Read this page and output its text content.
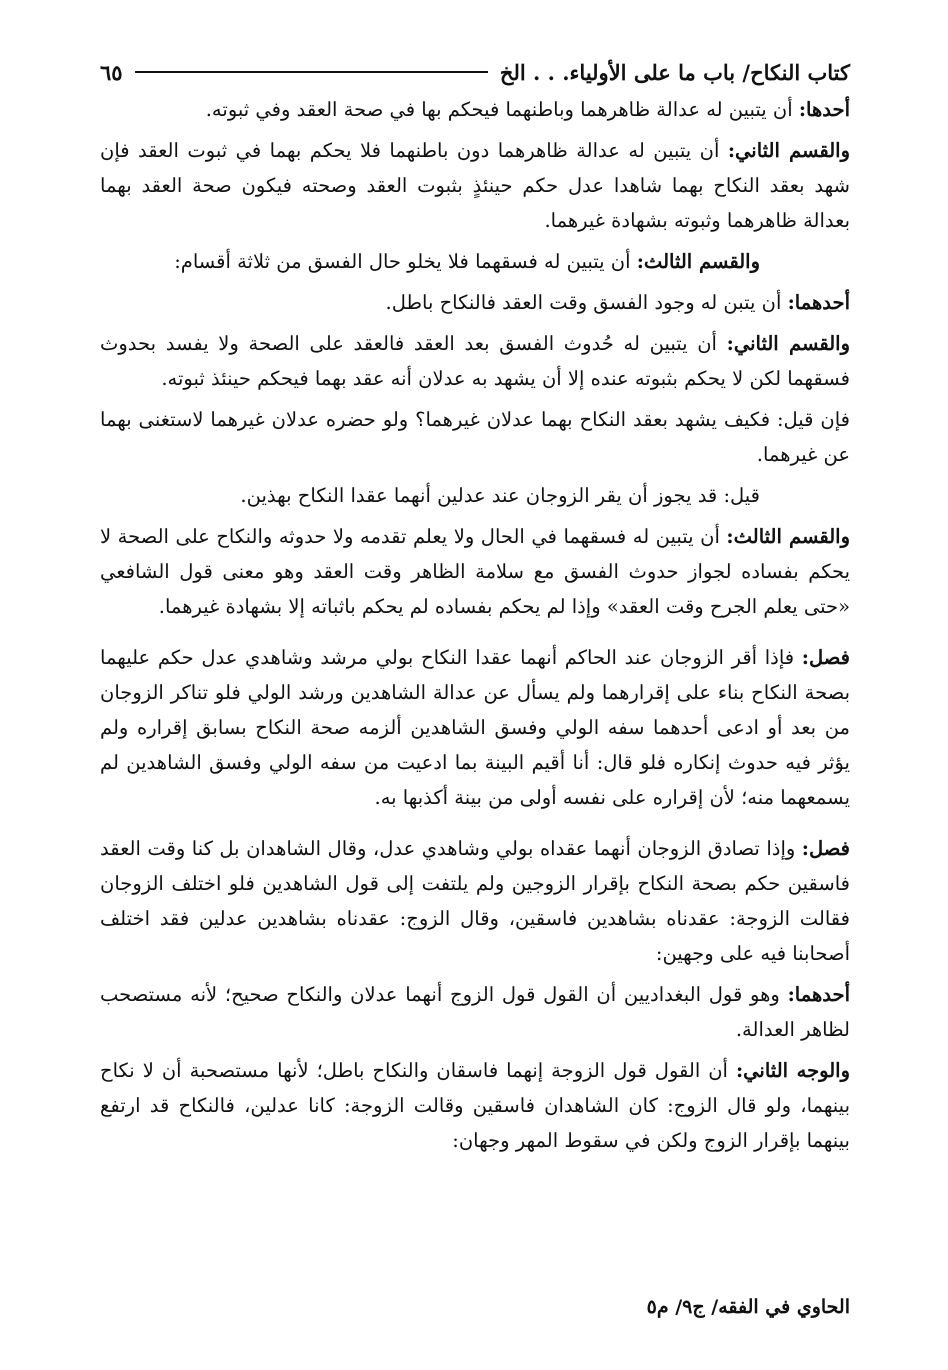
كتاب النكاح/ باب ما على الأولياء. . . الخ
٦٥

أحدها: أن يتبين له عدالة ظاهرهما وباطنهما فيحكم بها في صحة العقد وفي ثبوته.

والقسم الثاني: أن يتبين له عدالة ظاهرهما دون باطنهما فلا يحكم بهما في ثبوت العقد فإن شهد بعقد النكاح بهما شاهدا عدل حكم حينئذٍ بثبوت العقد وصحته فيكون صحة العقد بهما بعدالة ظاهرهما وثبوته بشهادة غيرهما.

والقسم الثالث: أن يتبين له فسقهما فلا يخلو حال الفسق من ثلاثة أقسام:

أحدهما: أن يتبن له وجود الفسق وقت العقد فالنكاح باطل.

والقسم الثاني: أن يتبين له حُدوث الفسق بعد العقد فالعقد على الصحة ولا يفسد بحدوث فسقهما لكن لا يحكم بثبوته عنده إلا أن يشهد به عدلان أنه عقد بهما فيحكم حينئذ ثبوته.

فإن قيل: فكيف يشهد بعقد النكاح بهما عدلان غيرهما؟ ولو حضره عدلان غيرهما لاستغنى بهما عن غيرهما.

قيل: قد يجوز أن يقر الزوجان عند عدلين أنهما عقدا النكاح بهذين.

والقسم الثالث: أن يتبين له فسقهما في الحال ولا يعلم تقدمه ولا حدوثه والنكاح على الصحة لا يحكم بفساده لجواز حدوث الفسق مع سلامة الظاهر وقت العقد وهو معنى قول الشافعي «حتى يعلم الجرح وقت العقد» وإذا لم يحكم بفساده لم يحكم باثباته إلا بشهادة غيرهما.

فصل: فإذا أقر الزوجان عند الحاكم أنهما عقدا النكاح بولي مرشد وشاهدي عدل حكم عليهما بصحة النكاح بناء على إقرارهما ولم يسأل عن عدالة الشاهدين ورشد الولي فلو تناكر الزوجان من بعد أو ادعى أحدهما سفه الولي وفسق الشاهدين ألزمه صحة النكاح بسابق إقراره ولم يؤثر فيه حدوث إنكاره فلو قال: أنا أقيم البينة بما ادعيت من سفه الولي وفسق الشاهدين لم يسمعهما منه؛ لأن إقراره على نفسه أولى من بينة أكذبها به.

فصل: وإذا تصادق الزوجان أنهما عقداه بولي وشاهدي عدل، وقال الشاهدان بل كنا وقت العقد فاسقين حكم بصحة النكاح بإقرار الزوجين ولم يلتفت إلى قول الشاهدين فلو اختلف الزوجان فقالت الزوجة: عقدناه بشاهدين فاسقين، وقال الزوج: عقدناه بشاهدين عدلين فقد اختلف أصحابنا فيه على وجهين:

أحدهما: وهو قول البغداديين أن القول قول الزوج أنهما عدلان والنكاح صحيح؛ لأنه مستصحب لظاهر العدالة.

والوجه الثاني: أن القول قول الزوجة إنهما فاسقان والنكاح باطل؛ لأنها مستصحبة أن لا نكاح بينهما، ولو قال الزوج: كان الشاهدان فاسقين وقالت الزوجة: كانا عدلين، فالنكاح قد ارتفع بينهما بإقرار الزوج ولكن في سقوط المهر وجهان:

الحاوي في الفقه/ ج٩/ م٥
